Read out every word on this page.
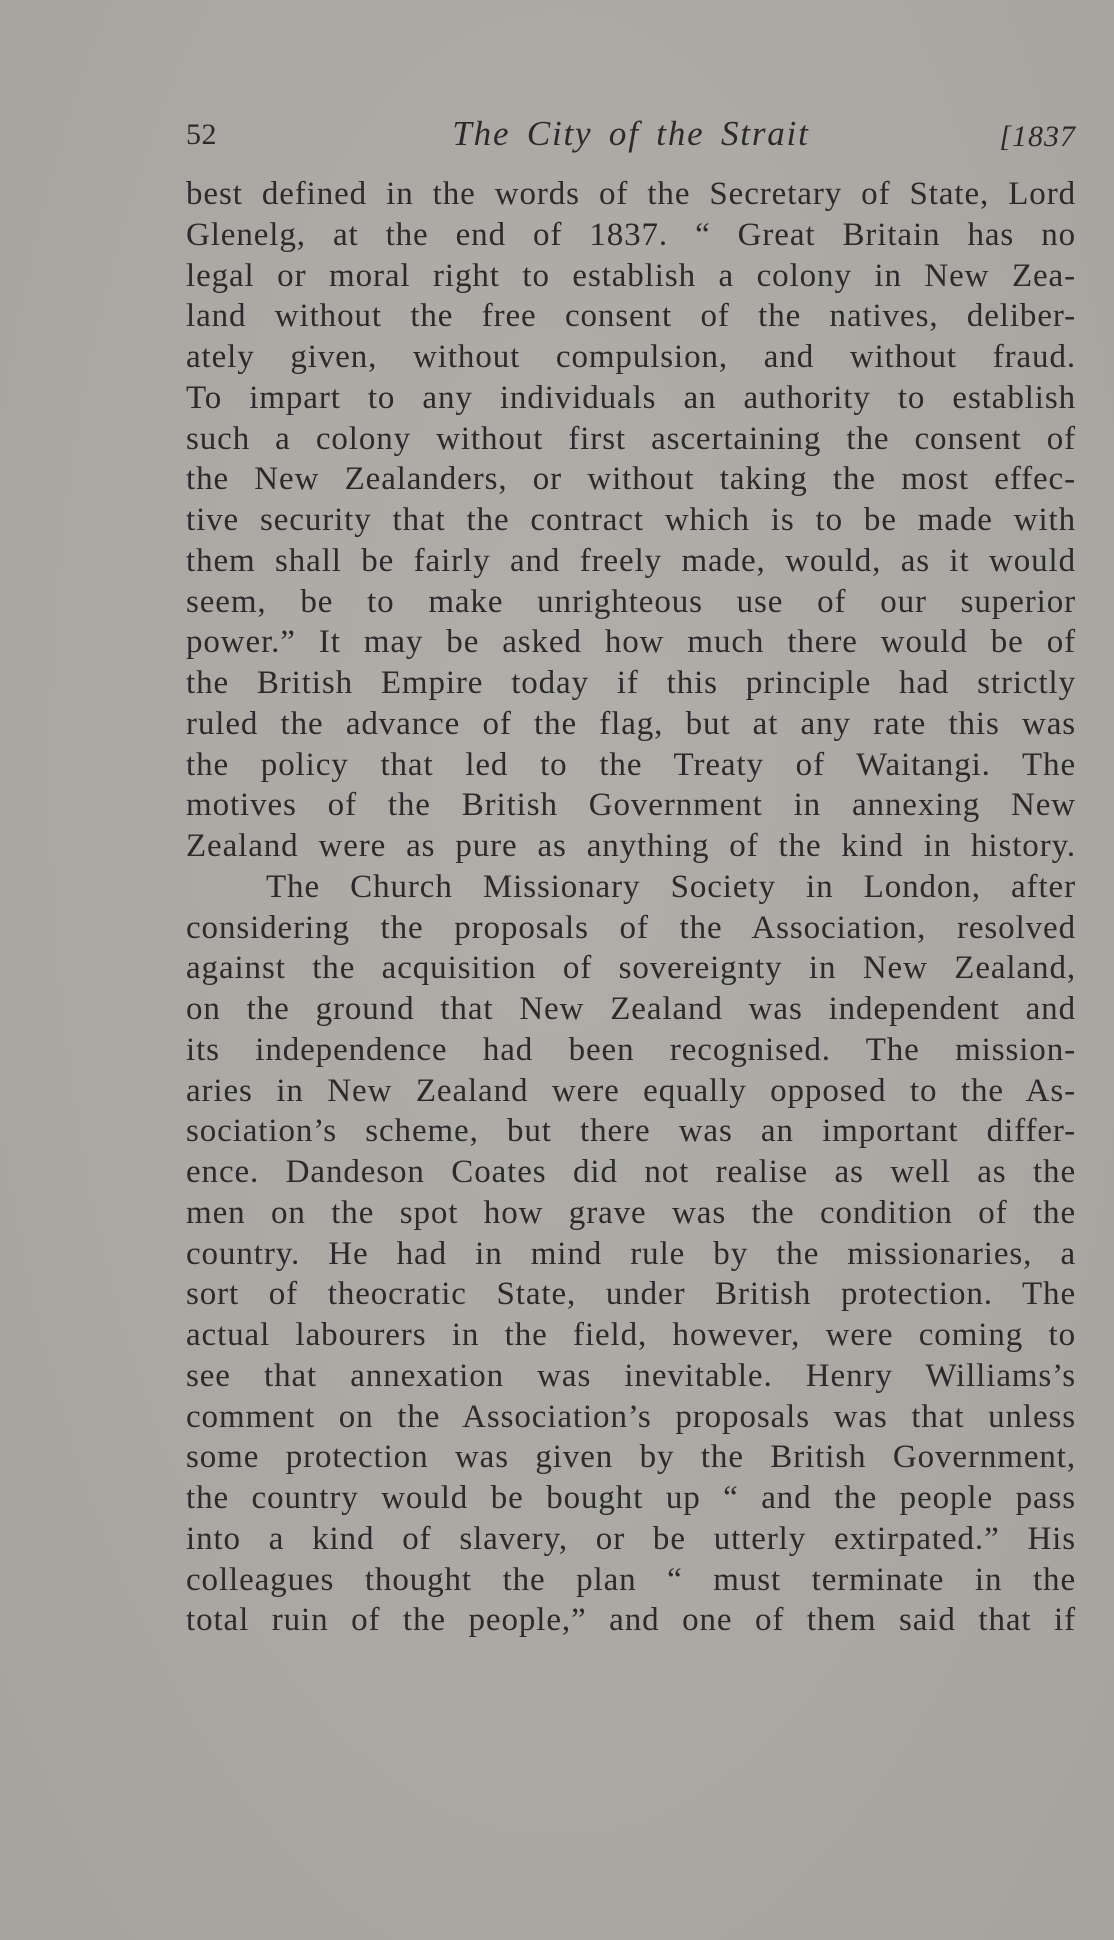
52	The City of the Strait	[1837
best defined in the words of the Secretary of State, Lord
Glenelg, at the end of 1837. “ Great Britain has no
legal or moral right to establish a colony in New Zea-
land without the free consent of the natives, deliber-
ately given, without compulsion, and without fraud.
To impart to any individuals an authority to establish
such a colony without first ascertaining the consent of
the New Zealanders, or without taking the most effec-
tive security that the contract which is to be made with
them shall be fairly and freely made, would, as it would
seem, be to make unrighteous use of our superior
power.” It may be asked how much there would be of
the British Empire today if this principle had strictly
ruled the advance of the flag, but at any rate this was
the policy that led to the Treaty of Waitangi. The
motives of the British Government in annexing New
Zealand were as pure as anything of the kind in history.
The Church Missionary Society in London, after
considering the proposals of the Association, resolved
against the acquisition of sovereignty in New Zealand,
on the ground that New Zealand was independent and
its independence had been recognised. The mission-
aries in New Zealand were equally opposed to the As-
sociation’s scheme, but there was an important differ-
ence. Dandeson Coates did not realise as well as the
men on the spot how grave was the condition of the
country. He had in mind rule by the missionaries, a
sort of theocratic State, under British protection. The
actual labourers in the field, however, were coming to
see that annexation was inevitable. Henry Williams’s
comment on the Association’s proposals was that unless
some protection was given by the British Government,
the country would be bought up “ and the people pass
into a kind of slavery, or be utterly extirpated.” His
colleagues thought the plan “ must terminate in the
total ruin of the people,” and one of them said that if
